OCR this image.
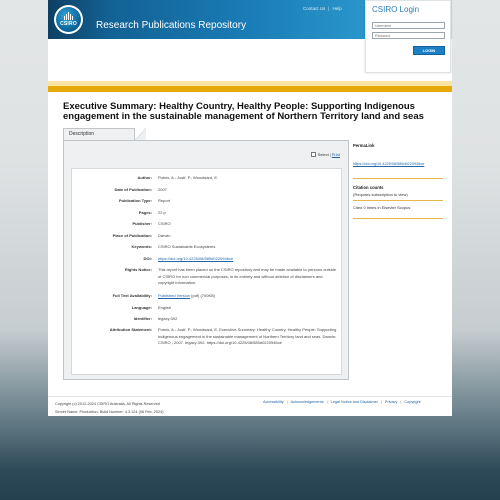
CSIRO	Research Publications Repository
Contact Us | Help
Executive Summary: Healthy Country, Healthy People: Supporting Indigenous engagement in the sustainable management of Northern Territory land and seas
Description
Select | Print
Author: Putnis, A.; Josif, P.; Woodward, E.
Date of Publication: 2007
Publication Type: Report
Pages: 22 p
Publisher: CSIRO
Place of Publication: Darwin
Keywords: CSIRO Sustainable Ecosystems
DOI: https://doi.org/10.4225/08/585d0220946ce
Rights Notice: This report has been placed on the CSIRO repository and may be made available to persons outside of CSIRO for non commercial purposes, in its entirety and without deletion of disclaimers and copyright information.
Full Text Availability: Published Version (pdf) (700KB)
Language: English
Identifier: legacy:392
Attribution Statement: Putnis, A.; Josif, P.; Woodward, E. Executive Summary: Healthy Country, Healthy People: Supporting Indigenous engagement in the sustainable management of Northern Territory land and seas. Darwin: CSIRO ; 2007. legacy:392. https://doi.org/10.4225/08/585d0220946ce
PermaLink
https://doi.org/10.4225/08/585d0220946ce
Citation counts
(Requires subscription to view)
Cited 0 times in Elsevier Scopus
Copyright (c) 2012-2024 CSIRO Australia. All Rights Reserved
Server Name: Production. Build Number: 4.3.124 (06 Feb, 2024)
Accessibility | Acknowledgements | Legal Notice and Disclaimer | Privacy | Copyright
CSIRO Login
Username
LOGIN
